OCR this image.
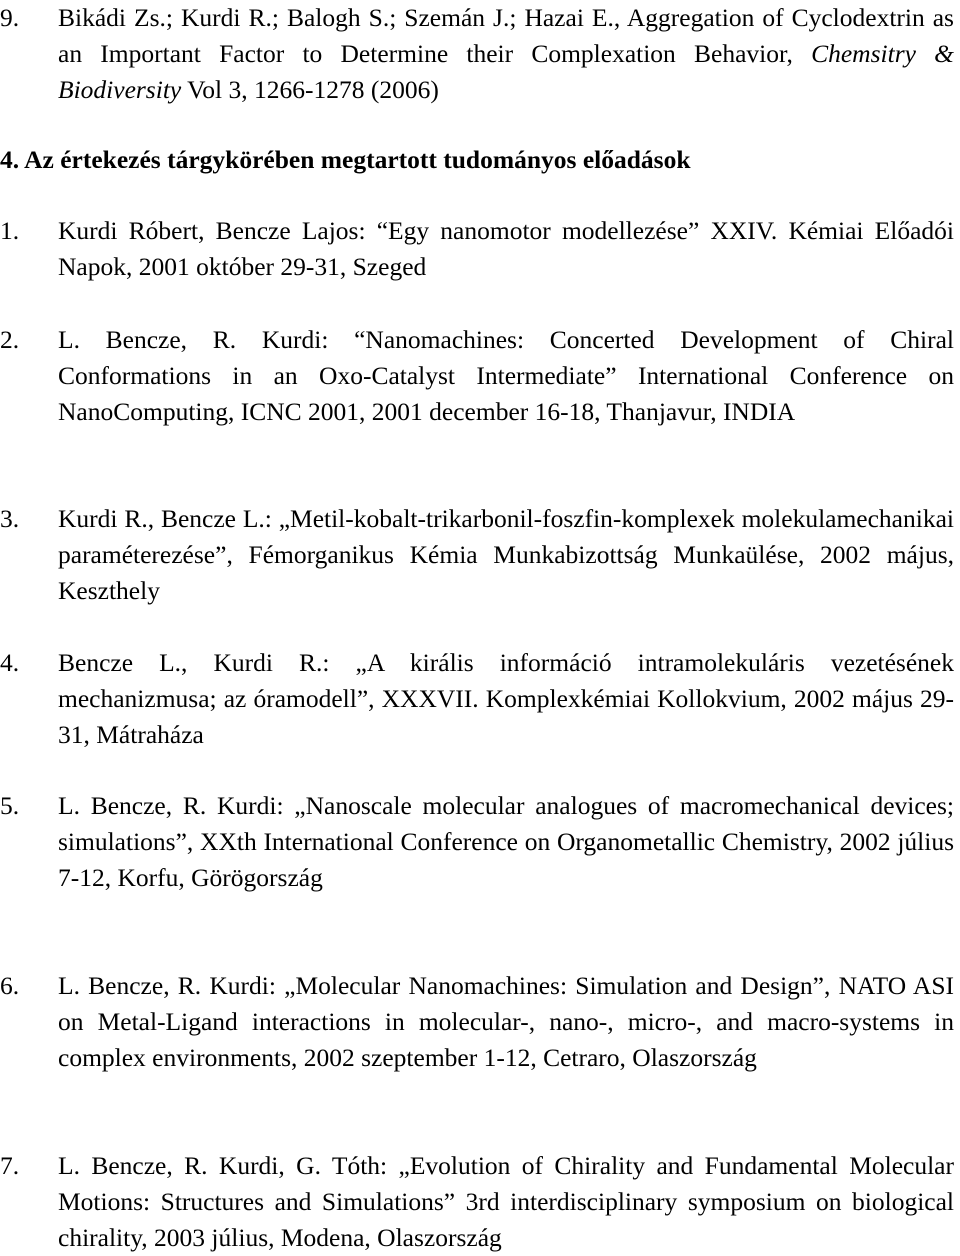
9.	Bikádi Zs.; Kurdi R.; Balogh S.; Szemán J.; Hazai E., Aggregation of Cyclodextrin as an Important Factor to Determine their Complexation Behavior, Chemsitry & Biodiversity Vol 3, 1266-1278 (2006)
4. Az értekezés tárgykörében megtartott tudományos előadások
1.	Kurdi Róbert, Bencze Lajos: “Egy nanomotor modellezése” XXIV. Kémiai Előadói Napok, 2001 október 29-31, Szeged
2.	L. Bencze, R. Kurdi: “Nanomachines: Concerted Development of Chiral Conformations in an Oxo-Catalyst Intermediate” International Conference on NanoComputing, ICNC 2001, 2001 december 16-18, Thanjavur, INDIA
3.	Kurdi R., Bencze L.: „Metil-kobalt-trikarbonil-foszfin-komplexek molekulamechanikai paraméterezése”, Fémorganikus Kémia Munkabizottság Munkaülése, 2002 május, Keszthely
4.	Bencze L., Kurdi R.: „A királis információ intramolekuláris vezetésének mechanizmusa; az óramodell”, XXXVII. Komplexkémiai Kollokvium, 2002 május 29-31, Mátraháza
5.	L. Bencze, R. Kurdi: „Nanoscale molecular analogues of macromechanical devices; simulations”, XXth International Conference on Organometallic Chemistry, 2002 július 7-12, Korfu, Görögország
6.	L. Bencze, R. Kurdi: „Molecular Nanomachines: Simulation and Design”, NATO ASI on Metal-Ligand interactions in molecular-, nano-, micro-, and macro-systems in complex environments, 2002 szeptember 1-12, Cetraro, Olaszország
7.	L. Bencze, R. Kurdi, G. Tóth: „Evolution of Chirality and Fundamental Molecular Motions: Structures and Simulations” 3rd interdisciplinary symposium on biological chirality, 2003 július, Modena, Olaszország
